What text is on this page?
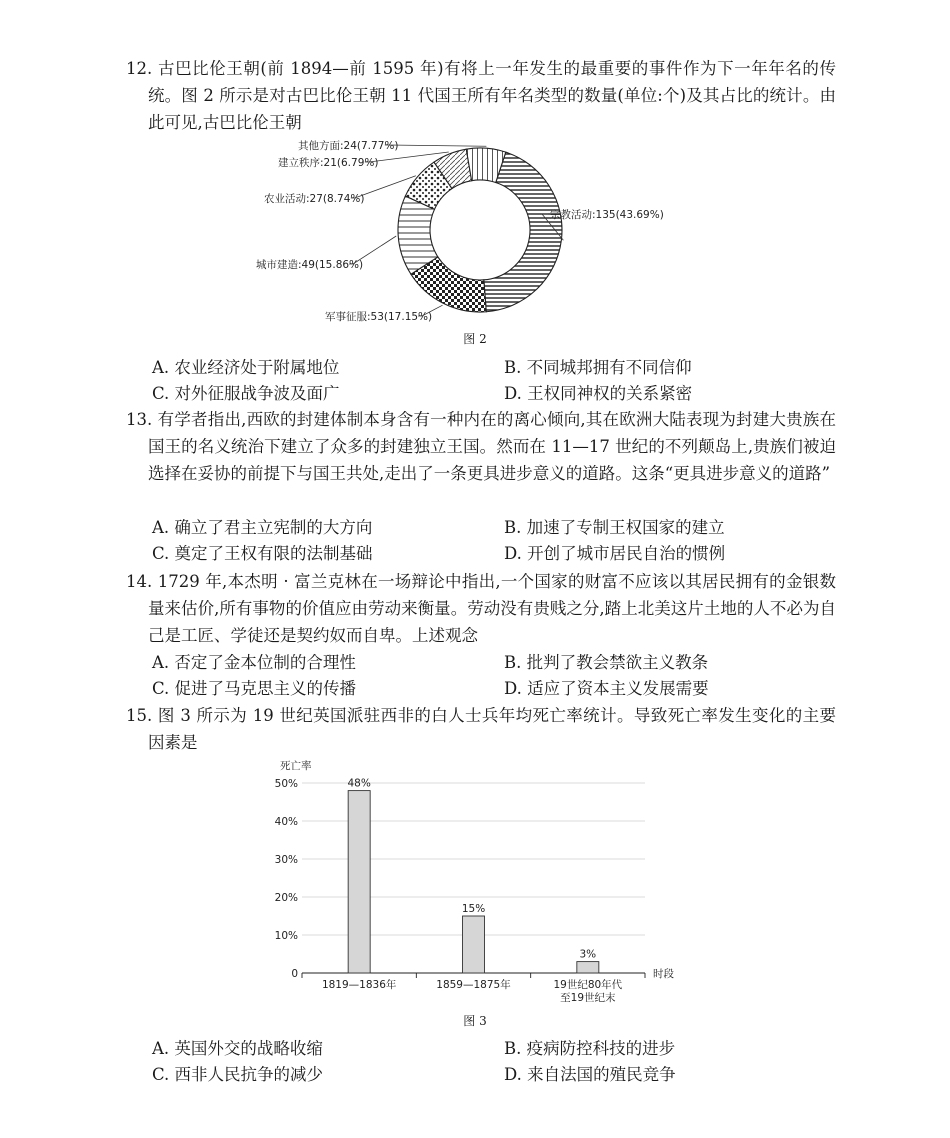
12. 古巴比伦王朝(前 1894—前 1595 年)有将上一年发生的最重要的事件作为下一年年名的传统。图 2 所示是对古巴比伦王朝 11 代国王所有年名类型的数量(单位:个)及其占比的统计。由此可见,古巴比伦王朝
宗教活动:135(43.69%)
军事征服:53(17.15%)
城市建造:49(15.86%)
农业活动:27(8.74%)
建立秩序:21(6.79%)
其他方面:24(7.77%)
图 2
A. 农业经济处于附属地位	B. 不同城邦拥有不同信仰
C. 对外征服战争波及面广	D. 王权同神权的关系紧密
13. 有学者指出,西欧的封建体制本身含有一种内在的离心倾向,其在欧洲大陆表现为封建大贵族在国王的名义统治下建立了众多的封建独立王国。然而在 11—17 世纪的不列颠岛上,贵族们被迫选择在妥协的前提下与国王共处,走出了一条更具进步意义的道路。这条“更具进步意义的道路”
A. 确立了君主立宪制的大方向	B. 加速了专制王权国家的建立
C. 奠定了王权有限的法制基础	D. 开创了城市居民自治的惯例
14. 1729 年,本杰明 · 富兰克林在一场辩论中指出,一个国家的财富不应该以其居民拥有的金银数量来估价,所有事物的价值应由劳动来衡量。劳动没有贵贱之分,踏上北美这片土地的人不必为自己是工匠、学徒还是契约奴而自卑。上述观念
A. 否定了金本位制的合理性	B. 批判了教会禁欲主义教条
C. 促进了马克思主义的传播	D. 适应了资本主义发展需要
15. 图 3 所示为 19 世纪英国派驻西非的白人士兵年均死亡率统计。导致死亡率发生变化的主要因素是
死亡率
0
10%
20%
30%
40%
50%
时段
48%
1819—1836年
15%
1859—1875年
3%
19世纪80年代
至19世纪末
图 3
A. 英国外交的战略收缩	B. 疫病防控科技的进步
C. 西非人民抗争的减少	D. 来自法国的殖民竞争
